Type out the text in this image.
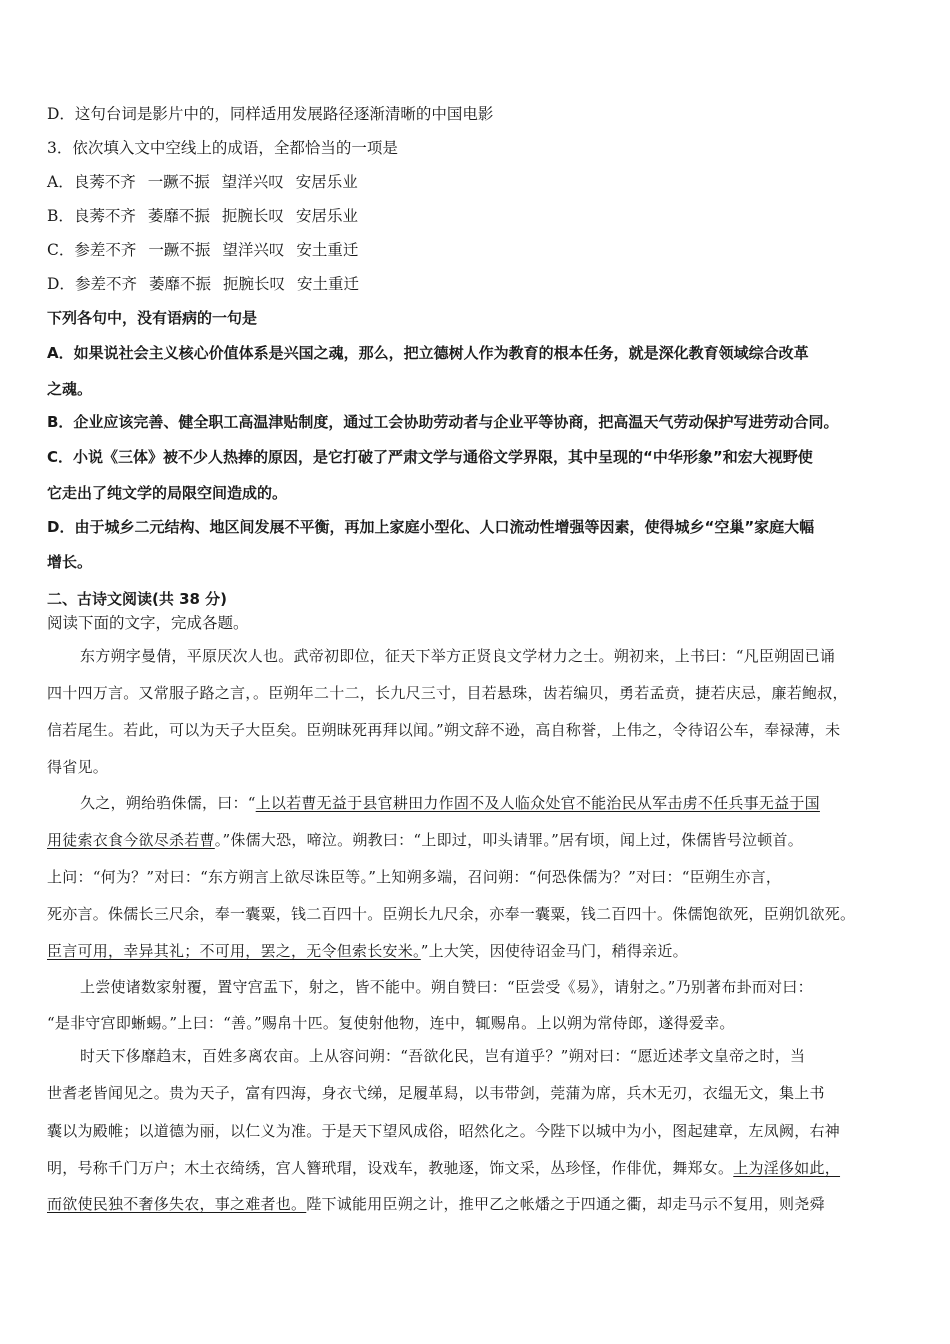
D．这句台词是影片中的，同样适用发展路径逐渐清晰的中国电影
3．依次填入文中空线上的成语，全都恰当的一项是
A．良莠不齐 一蹶不振 望洋兴叹 安居乐业
B．良莠不齐 萎靡不振 扼腕长叹 安居乐业
C．参差不齐 一蹶不振 望洋兴叹 安土重迁
D．参差不齐 萎靡不振 扼腕长叹 安土重迁
下列各句中，没有语病的一句是
A．如果说社会主义核心价值体系是兴国之魂，那么，把立德树人作为教育的根本任务，就是深化教育领域综合改革
之魂。
B．企业应该完善、健全职工高温津贴制度，通过工会协助劳动者与企业平等协商，把高温天气劳动保护写进劳动合同。
C．小说《三体》被不少人热捧的原因，是它打破了严肃文学与通俗文学界限，其中呈现的“中华形象”和宏大视野使
它走出了纯文学的局限空间造成的。
D．由于城乡二元结构、地区间发展不平衡，再加上家庭小型化、人口流动性增强等因素，使得城乡“空巢”家庭大幅
增长。
二、古诗文阅读(共 38 分)
阅读下面的文字，完成各题。
东方朔字曼倩，平原厌次人也。武帝初即位，征天下举方正贤良文学材力之士。朔初来，上书曰：“凡臣朔固已诵
四十四万言。又常服子路之言，。臣朔年二十二，长九尺三寸，目若悬珠，齿若编贝，勇若孟贲，捷若庆忌，廉若鲍叔，
信若尾生。若此，可以为天子大臣矣。臣朔昧死再拜以闻。”朔文辞不逊，高自称誉，上伟之，令待诏公车，奉禄薄，未
得省见。
久之，朔绐驺侏儒，曰：“上以若曹无益于县官耕田力作固不及人临众处官不能治民从军击虏不任兵事无益于国
用徒索衣食今欲尽杀若曹。”侏儒大恐，啼泣。朔教曰：“上即过，叩头请罪。”居有顷，闻上过，侏儒皆号泣顿首。
上问：“何为？”对曰：“东方朔言上欲尽诛臣等。”上知朔多端，召问朔：“何恐侏儒为？”对曰：“臣朔生亦言，
死亦言。侏儒长三尺余，奉一囊粟，钱二百四十。臣朔长九尺余，亦奉一囊粟，钱二百四十。侏儒饱欲死，臣朔饥欲死。
臣言可用，幸异其礼；不可用，罢之，无令但索长安米。”上大笑，因使待诏金马门，稍得亲近。
上尝使诸数家射覆，置守宫盂下，射之，皆不能中。朔自赞曰：“臣尝受《易》，请射之。”乃别著布卦而对曰：
“是非守宫即蜥蜴。”上曰：“善。”赐帛十匹。复使射他物，连中，辄赐帛。上以朔为常侍郎，遂得爱幸。
时天下侈靡趋末，百姓多离农亩。上从容问朔：“吾欲化民，岂有道乎？”朔对曰：“愿近述孝文皇帝之时，当
世耆老皆闻见之。贵为天子，富有四海，身衣弋绨，足履革舄，以韦带剑，莞蒲为席，兵木无刃，衣缊无文，集上书
囊以为殿帷；以道德为丽，以仁义为准。于是天下望风成俗，昭然化之。今陛下以城中为小，图起建章，左凤阙，右神
明，号称千门万户；木土衣绮绣，宫人簪玳瑁，设戏车，教驰逐，饰文采，丛珍怪，作俳优，舞郑女。上为淫侈如此，
而欲使民独不奢侈失农，事之难者也。陛下诚能用臣朔之计，推甲乙之帐燔之于四通之衢，却走马示不复用，则尧舜
